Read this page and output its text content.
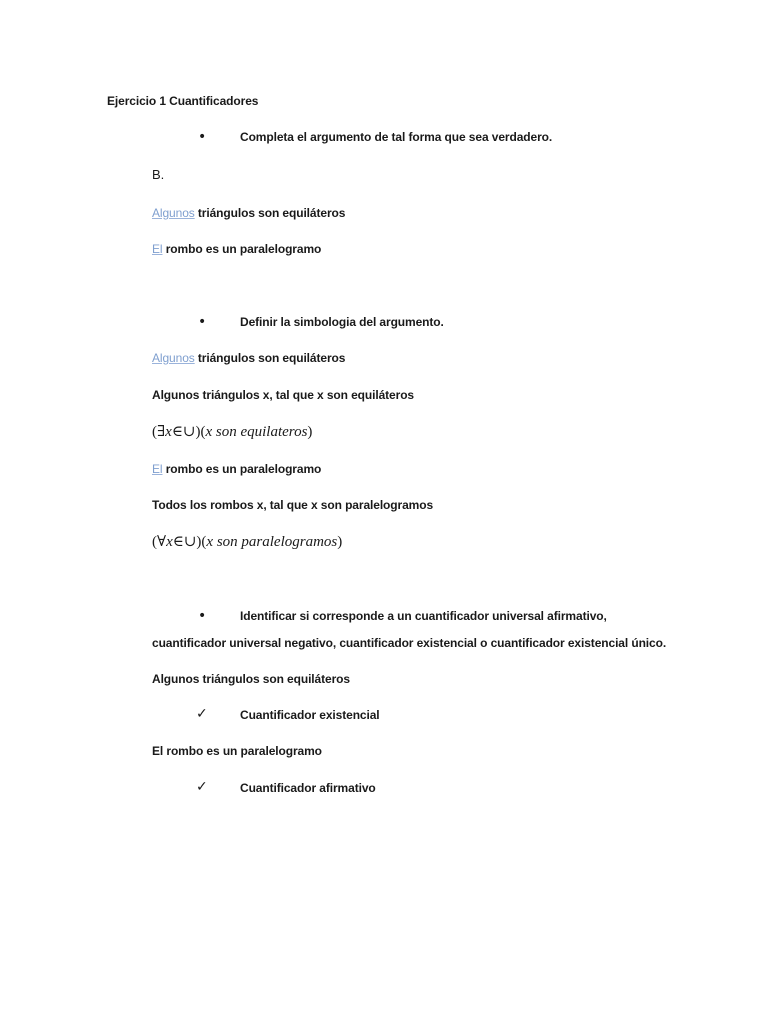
Ejercicio 1 Cuantificadores
•	Completa el argumento de tal forma que sea verdadero.
B.
Algunos triángulos son equiláteros
El rombo es un paralelogramo
•	Definir la simbologia del argumento.
Algunos triángulos son equiláteros
Algunos triángulos x, tal que x son equiláteros
(∃x∈∪)(x son equilateros)
El rombo es un paralelogramo
Todos los rombos x, tal que x son paralelogramos
(∀x∈∪)(x son paralelogramos)
•	Identificar si corresponde a un cuantificador universal afirmativo,
cuantificador universal negativo, cuantificador existencial o cuantificador existencial único.
Algunos triángulos son equiláteros
✓	Cuantificador existencial
El rombo es un paralelogramo
✓	Cuantificador afirmativo
